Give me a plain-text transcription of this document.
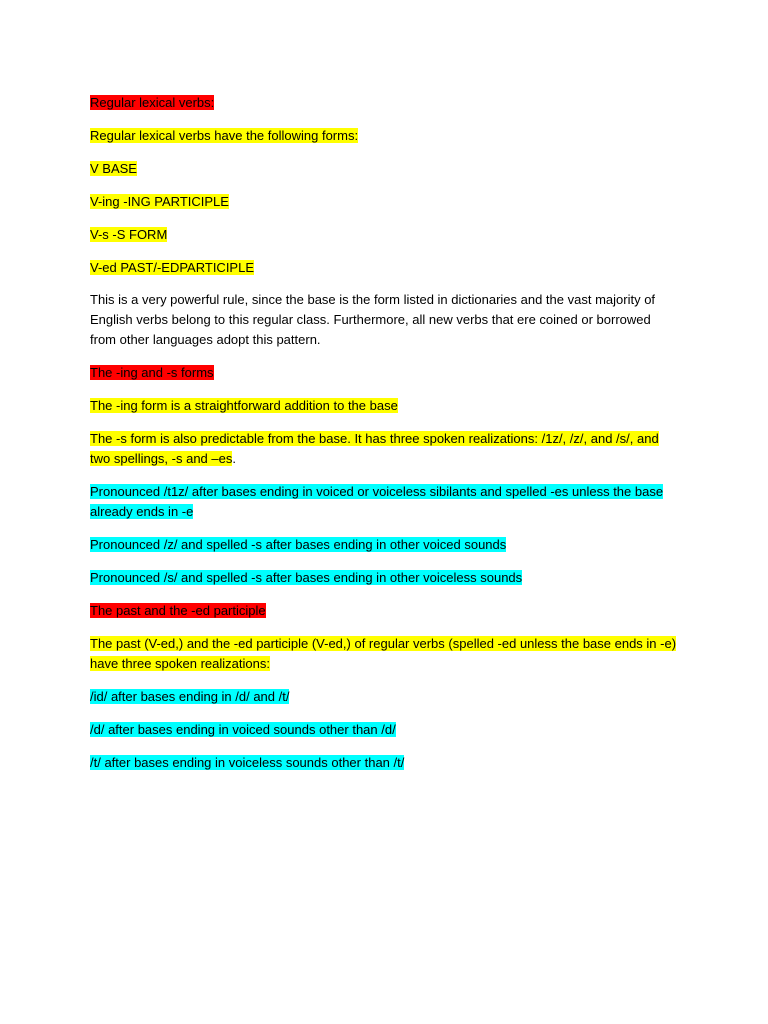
Regular lexical verbs:

Regular lexical verbs have the following forms:

V BASE

V-ing -ING PARTICIPLE

V-s -S FORM

V-ed PAST/-EDPARTICIPLE

This is a very powerful rule, since the base is the form listed in dictionaries and the vast majority of English verbs belong to this regular class. Furthermore, all new verbs that ere coined or borrowed from other languages adopt this pattern.

The -ing and -s forms

The -ing form is a straightforward addition to the base

The -s form is also predictable from the base. It has three spoken realizations: /1z/, /z/, and /s/, and two spellings, -s and –es.

Pronounced /t1z/ after bases ending in voiced or voiceless sibilants and spelled -es unless the base already ends in -e

Pronounced /z/ and spelled -s after bases ending in other voiced sounds

Pronounced /s/ and spelled -s after bases ending in other voiceless sounds

The past and the -ed participle

The past (V-ed,) and the -ed participle (V-ed,) of regular verbs (spelled -ed unless the base ends in -e) have three spoken realizations:

/id/ after bases ending in /d/ and /t/

/d/ after bases ending in voiced sounds other than /d/

/t/ after bases ending in voiceless sounds other than /t/
